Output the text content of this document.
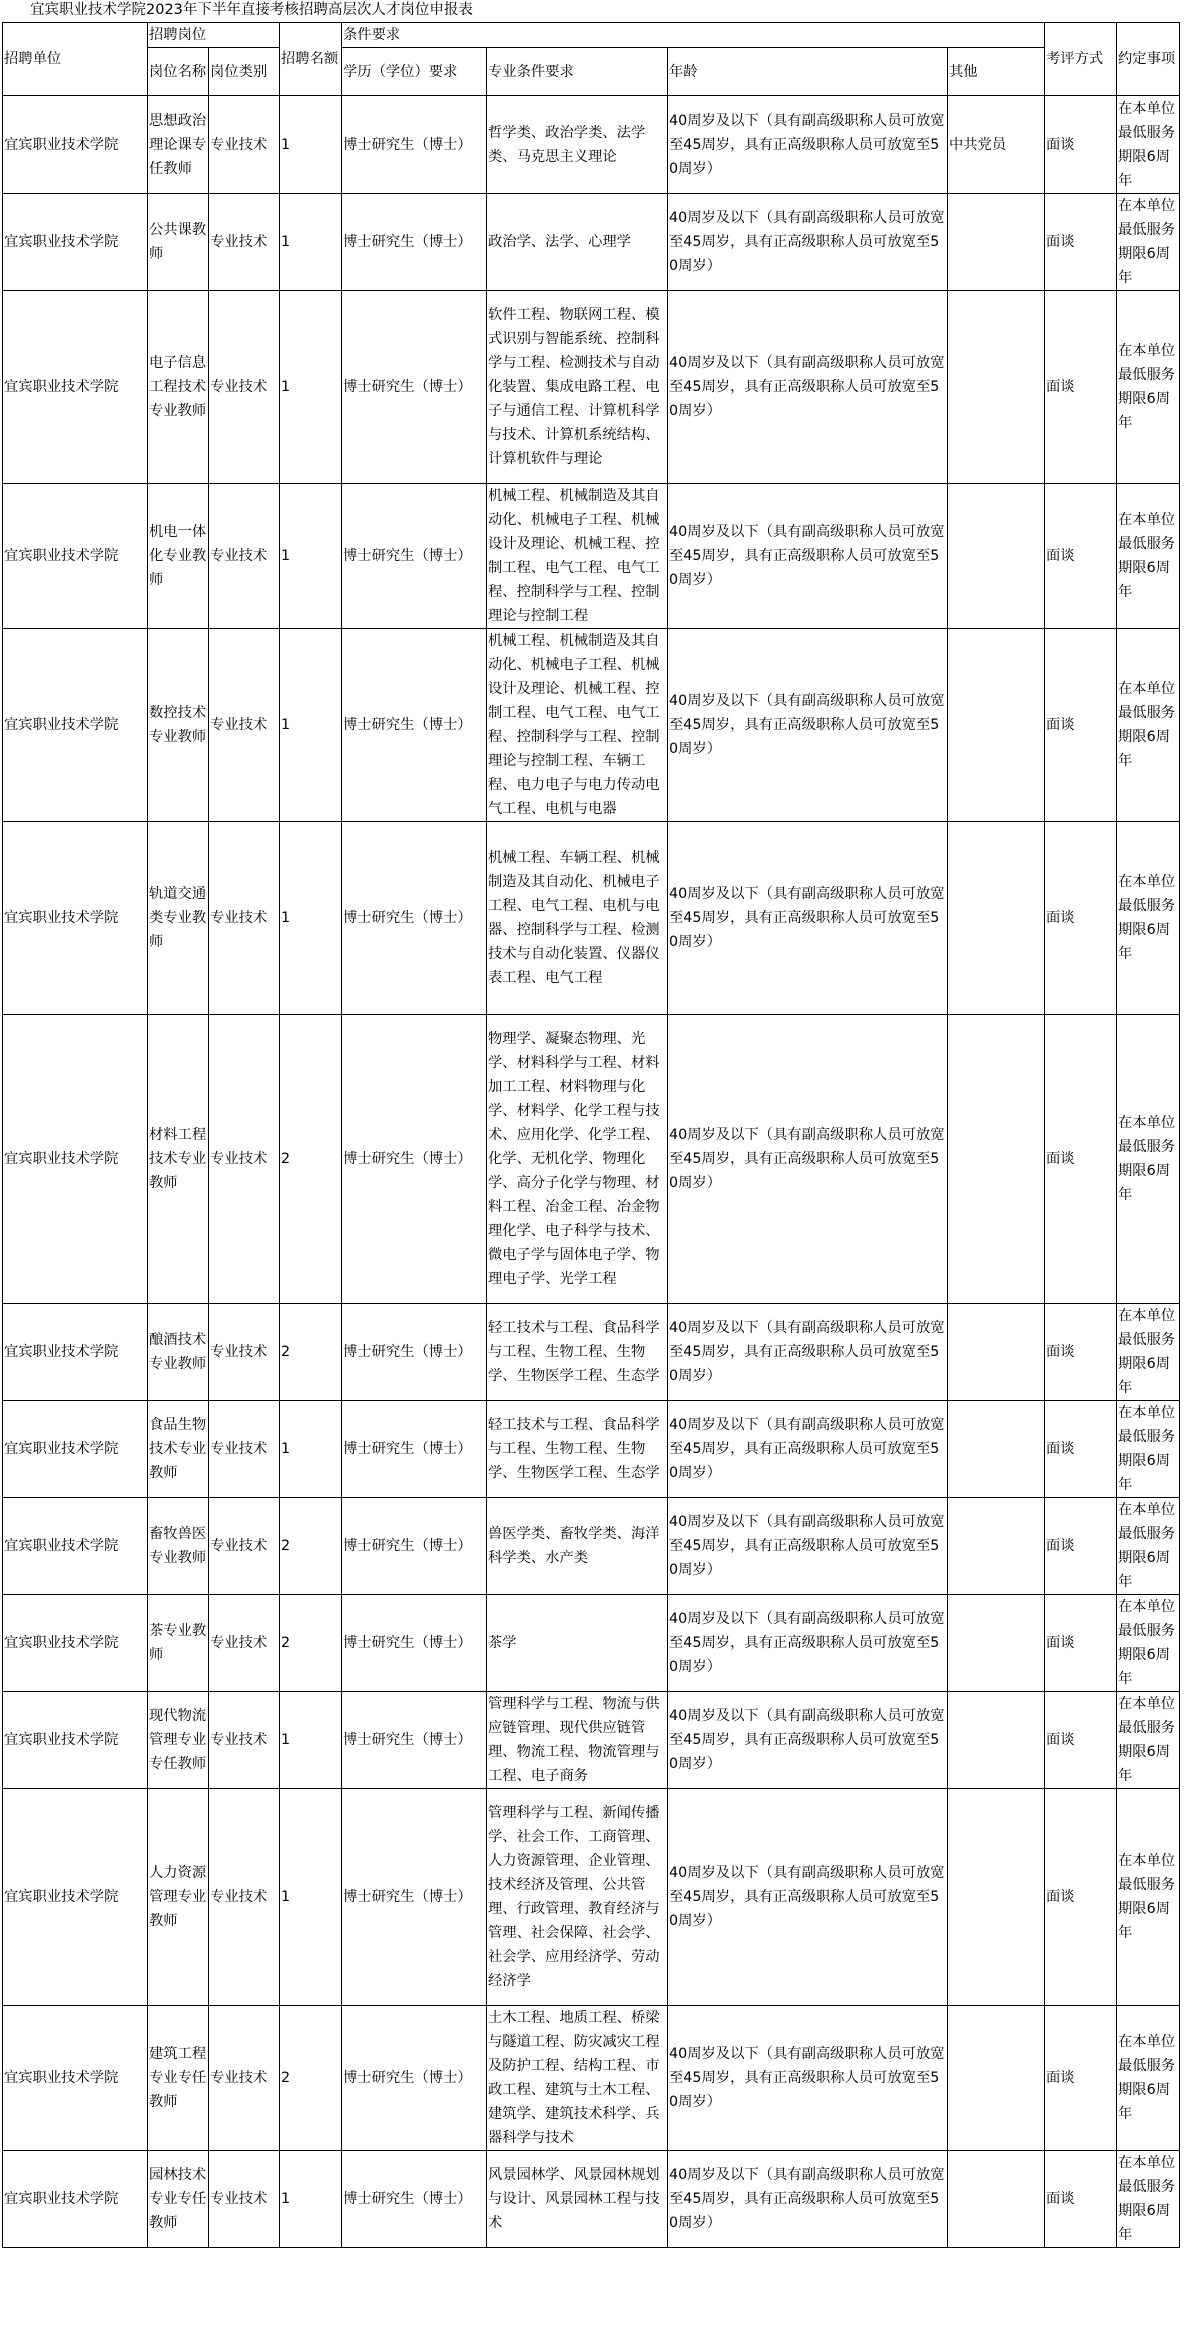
宜宾职业技术学院2023年下半年直接考核招聘高层次人才岗位申报表
招聘单位	招聘岗位		招聘名额	条件要求				考评方式	约定事项
	岗位名称	岗位类别		学历（学位）要求	专业条件要求	年龄	其他		

宜宾职业技术学院	思想政治理论课专任教师	专业技术	1	博士研究生（博士）	哲学类、政治学类、法学类、马克思主义理论	40周岁及以下（具有副高级职称人员可放宽至45周岁，具有正高级职称人员可放宽至50周岁）	中共党员	面谈	在本单位最低服务期限6周年
宜宾职业技术学院	公共课教师	专业技术	1	博士研究生（博士）	政治学、法学、心理学	40周岁及以下（具有副高级职称人员可放宽至45周岁，具有正高级职称人员可放宽至50周岁）		面谈	在本单位最低服务期限6周年
宜宾职业技术学院	电子信息工程技术专业教师	专业技术	1	博士研究生（博士）	软件工程、物联网工程、模式识别与智能系统、控制科学与工程、检测技术与自动化装置、集成电路工程、电子与通信工程、计算机科学与技术、计算机系统结构、计算机软件与理论	40周岁及以下（具有副高级职称人员可放宽至45周岁，具有正高级职称人员可放宽至50周岁）		面谈	在本单位最低服务期限6周年
宜宾职业技术学院	机电一体化专业教师	专业技术	1	博士研究生（博士）	机械工程、机械制造及其自动化、机械电子工程、机械设计及理论、机械工程、控制工程、电气工程、电气工程、控制科学与工程、控制理论与控制工程	40周岁及以下（具有副高级职称人员可放宽至45周岁，具有正高级职称人员可放宽至50周岁）		面谈	在本单位最低服务期限6周年
宜宾职业技术学院	数控技术专业教师	专业技术	1	博士研究生（博士）	机械工程、机械制造及其自动化、机械电子工程、机械设计及理论、机械工程、控制工程、电气工程、电气工程、控制科学与工程、控制理论与控制工程、车辆工程、电力电子与电力传动电气工程、电机与电器	40周岁及以下（具有副高级职称人员可放宽至45周岁，具有正高级职称人员可放宽至50周岁）		面谈	在本单位最低服务期限6周年
宜宾职业技术学院	轨道交通类专业教师	专业技术	1	博士研究生（博士）	机械工程、车辆工程、机械制造及其自动化、机械电子工程、电气工程、电机与电器、控制科学与工程、检测技术与自动化装置、仪器仪表工程、电气工程	40周岁及以下（具有副高级职称人员可放宽至45周岁，具有正高级职称人员可放宽至50周岁）		面谈	在本单位最低服务期限6周年
宜宾职业技术学院	材料工程技术专业教师	专业技术	2	博士研究生（博士）	物理学、凝聚态物理、光学、材料科学与工程、材料加工工程、材料物理与化学、材料学、化学工程与技术、应用化学、化学工程、化学、无机化学、物理化学、高分子化学与物理、材料工程、冶金工程、冶金物理化学、电子科学与技术、微电子学与固体电子学、物理电子学、光学工程	40周岁及以下（具有副高级职称人员可放宽至45周岁，具有正高级职称人员可放宽至50周岁）		面谈	在本单位最低服务期限6周年
宜宾职业技术学院	酿酒技术专业教师	专业技术	2	博士研究生（博士）	轻工技术与工程、食品科学与工程、生物工程、生物学、生物医学工程、生态学	40周岁及以下（具有副高级职称人员可放宽至45周岁，具有正高级职称人员可放宽至50周岁）		面谈	在本单位最低服务期限6周年
宜宾职业技术学院	食品生物技术专业教师	专业技术	1	博士研究生（博士）	轻工技术与工程、食品科学与工程、生物工程、生物学、生物医学工程、生态学	40周岁及以下（具有副高级职称人员可放宽至45周岁，具有正高级职称人员可放宽至50周岁）		面谈	在本单位最低服务期限6周年
宜宾职业技术学院	畜牧兽医专业教师	专业技术	2	博士研究生（博士）	兽医学类、畜牧学类、海洋科学类、水产类	40周岁及以下（具有副高级职称人员可放宽至45周岁，具有正高级职称人员可放宽至50周岁）		面谈	在本单位最低服务期限6周年
宜宾职业技术学院	茶专业教师	专业技术	2	博士研究生（博士）	茶学	40周岁及以下（具有副高级职称人员可放宽至45周岁，具有正高级职称人员可放宽至50周岁）		面谈	在本单位最低服务期限6周年
宜宾职业技术学院	现代物流管理专业专任教师	专业技术	1	博士研究生（博士）	管理科学与工程、物流与供应链管理、现代供应链管理、物流工程、物流管理与工程、电子商务	40周岁及以下（具有副高级职称人员可放宽至45周岁，具有正高级职称人员可放宽至50周岁）		面谈	在本单位最低服务期限6周年
宜宾职业技术学院	人力资源管理专业教师	专业技术	1	博士研究生（博士）	管理科学与工程、新闻传播学、社会工作、工商管理、人力资源管理、企业管理、技术经济及管理、公共管理、行政管理、教育经济与管理、社会保障、社会学、社会学、应用经济学、劳动经济学	40周岁及以下（具有副高级职称人员可放宽至45周岁，具有正高级职称人员可放宽至50周岁）		面谈	在本单位最低服务期限6周年
宜宾职业技术学院	建筑工程专业专任教师	专业技术	2	博士研究生（博士）	土木工程、地质工程、桥梁与隧道工程、防灾减灾工程及防护工程、结构工程、市政工程、建筑与土木工程、建筑学、建筑技术科学、兵器科学与技术	40周岁及以下（具有副高级职称人员可放宽至45周岁，具有正高级职称人员可放宽至50周岁）		面谈	在本单位最低服务期限6周年
宜宾职业技术学院	园林技术专业专任教师	专业技术	1	博士研究生（博士）	风景园林学、风景园林规划与设计、风景园林工程与技术	40周岁及以下（具有副高级职称人员可放宽至45周岁，具有正高级职称人员可放宽至50周岁）		面谈	在本单位最低服务期限6周年
